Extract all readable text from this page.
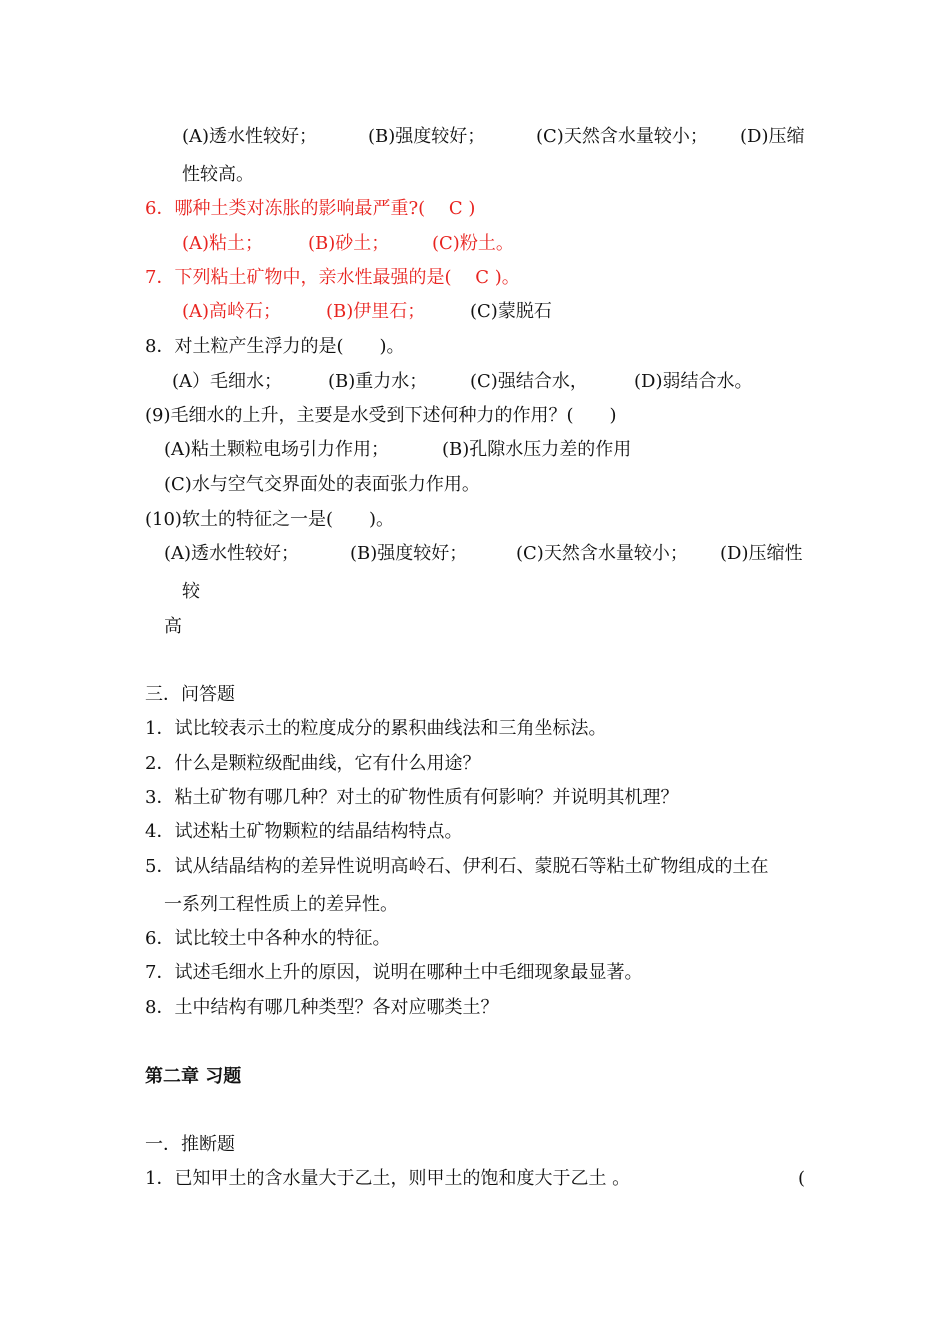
(A)透水性较好；	(B)强度较好；	(C)天然含水量较小； (D)压缩
性较高。
6．哪种土类对冻胀的影响最严重?(　 C )
(A)粘土； (B)砂土； (C)粉土。
7．下列粘土矿物中，亲水性最强的是(　 C )。
(A)高岭石； (B)伊里石； (C)蒙脱石
8．对土粒产生浮力的是(　　)。
(A）毛细水；	(B)重力水； (C)强结合水，	(D)弱结合水。
(9)毛细水的上升，主要是水受到下述何种力的作用？(　　)
(A)粘土颗粒电场引力作用；	(B)孔隙水压力差的作用
(C)水与空气交界面处的表面张力作用。
(10)软土的特征之一是(　　)。
(A)透水性较好；	(B)强度较好；	(C)天然含水量较小； (D)压缩性
较
高
三．问答题
1．试比较表示土的粒度成分的累积曲线法和三角坐标法。
2．什么是颗粒级配曲线，它有什么用途？
3．粘土矿物有哪几种？对土的矿物性质有何影响？并说明其机理？
4．试述粘土矿物颗粒的结晶结构特点。
5．试从结晶结构的差异性说明高岭石、伊利石、蒙脱石等粘土矿物组成的土在
一系列工程性质上的差异性。
6．试比较土中各种水的特征。
7．试述毛细水上升的原因，说明在哪种土中毛细现象最显著。
8．土中结构有哪几种类型？各对应哪类土？
第二章 习题
一．推断题
1．已知甲土的含水量大于乙土，则甲土的饱和度大于乙土 。	(
